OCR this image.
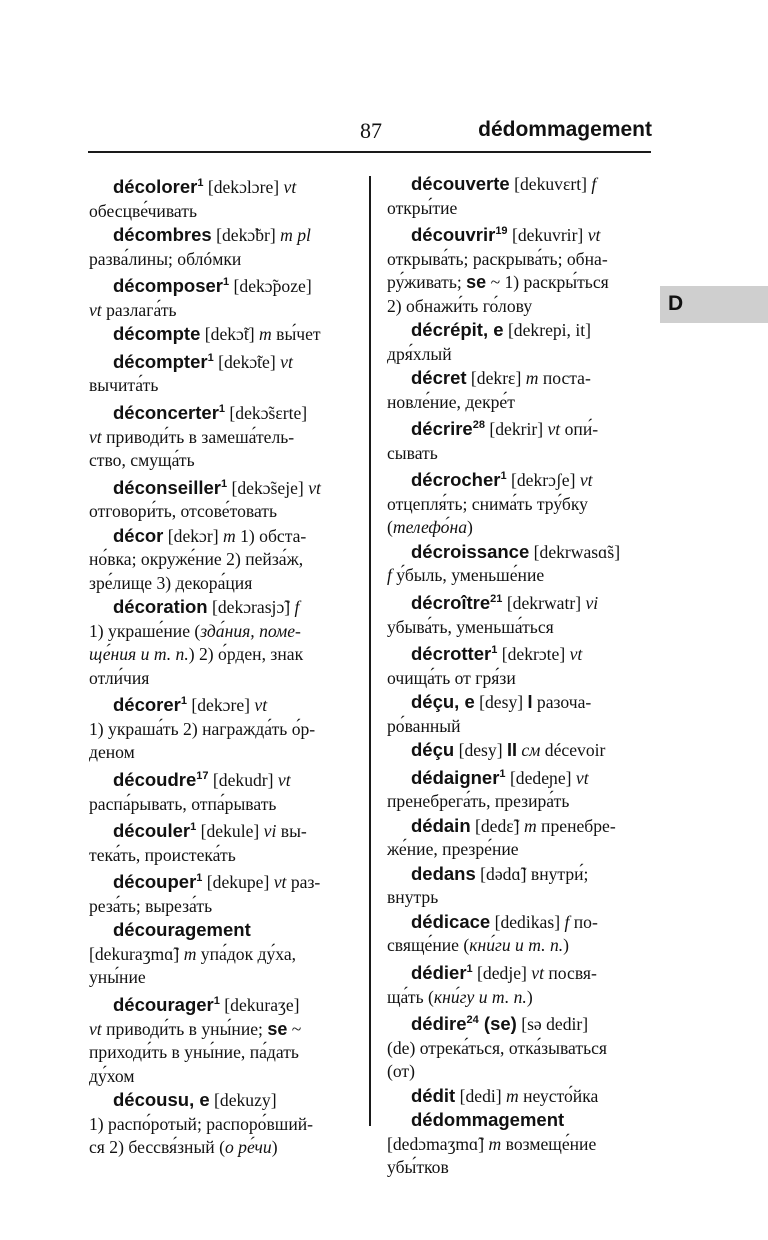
87	dédommagement
D

décolorer$^1$ [dekɔlɔre] vt
обесцве́чивать

décombres [dekɔ̃br] m pl
разва́лины; облóмки

décomposer$^1$ [dekɔ̃poze]
vt разлага́ть

décompte [dekɔ̃t] m вы́чет

décompter$^1$ [dekɔ̃te] vt
вычита́ть

déconcerter$^1$ [dekɔ̃sɛrte]
vt приводи́ть в замеша́тель-
ство, смуща́ть

déconseiller$^1$ [dekɔ̃seje] vt
отговори́ть, отсове́товать

décor [dekɔr] m 1) обста-
но́вка; окруже́ние 2) пейза́ж,
зре́лище 3) декора́ция

décoration [dekɔrasjɔ̃] f
1) украше́ние (зда́ния, поме-
ще́ния и т. п.) 2) о́рден, знак
отли́чия

décorer$^1$ [dekɔre] vt
1) украша́ть 2) награжда́ть о́р-
деном

découdre$^{17}$ [dekudr] vt
распа́рывать, отпа́рывать

découler$^1$ [dekule] vi вы-
тека́ть, проистека́ть

découper$^1$ [dekupe] vt раз-
реза́ть; выреза́ть

découragement
[dekuraʒmɑ̃] m упа́док ду́ха,
уны́ние

décourager$^1$ [dekuraʒe]
vt приводи́ть в уны́ние; se ~
приходи́ть в уны́ние, па́дать
ду́хом

décousu, e [dekuzy]
1) распо́ротый; распоро́вший-
ся 2) бессвя́зный (о ре́чи)

découverte [dekuvɛrt] f
откры́тие

découvrir$^{19}$ [dekuvrir] vt
открыва́ть; раскрыва́ть; обна-
ру́живать; se ~ 1) раскры́ться
2) обнажи́ть го́лову

décrépit, e [dekrepi, it]
дря́хлый

décret [dekrɛ] m поста-
новле́ние, декре́т

décrire$^{28}$ [dekrir] vt опи́-
сывать

décrocher$^1$ [dekrɔʃe] vt
отцепля́ть; снима́ть тру́бку
(телефо́на)

décroissance [dekrwasɑ̃s]
f у́быль, уменьше́ние

décroître$^{21}$ [dekrwatr] vi
убыва́ть, уменьша́ться

décrotter$^1$ [dekrɔte] vt
очища́ть от гря́зи

déçu, e [desy] I разоча-
ро́ванный

déçu [desy] II см décevoir

dédaigner$^1$ [dedeɲe] vt
пренебрега́ть, презира́ть

dédain [dedɛ̃] m пренебре-
же́ние, презре́ние

dedans [dədɑ̃] внутри́;
внутрь

dédicace [dedikas] f по-
свяще́ние (кни́ги и т. п.)

dédier$^1$ [dedje] vt посвя-
ща́ть (кни́гу и т. п.)

dédire$^{24}$ (se) [sə dedir]
(de) отрека́ться, отка́зываться
(от)

dédit [dedi] m неусто́йка

dédommagement
[dedɔmaʒmɑ̃] m возмеще́ние
убы́тков
